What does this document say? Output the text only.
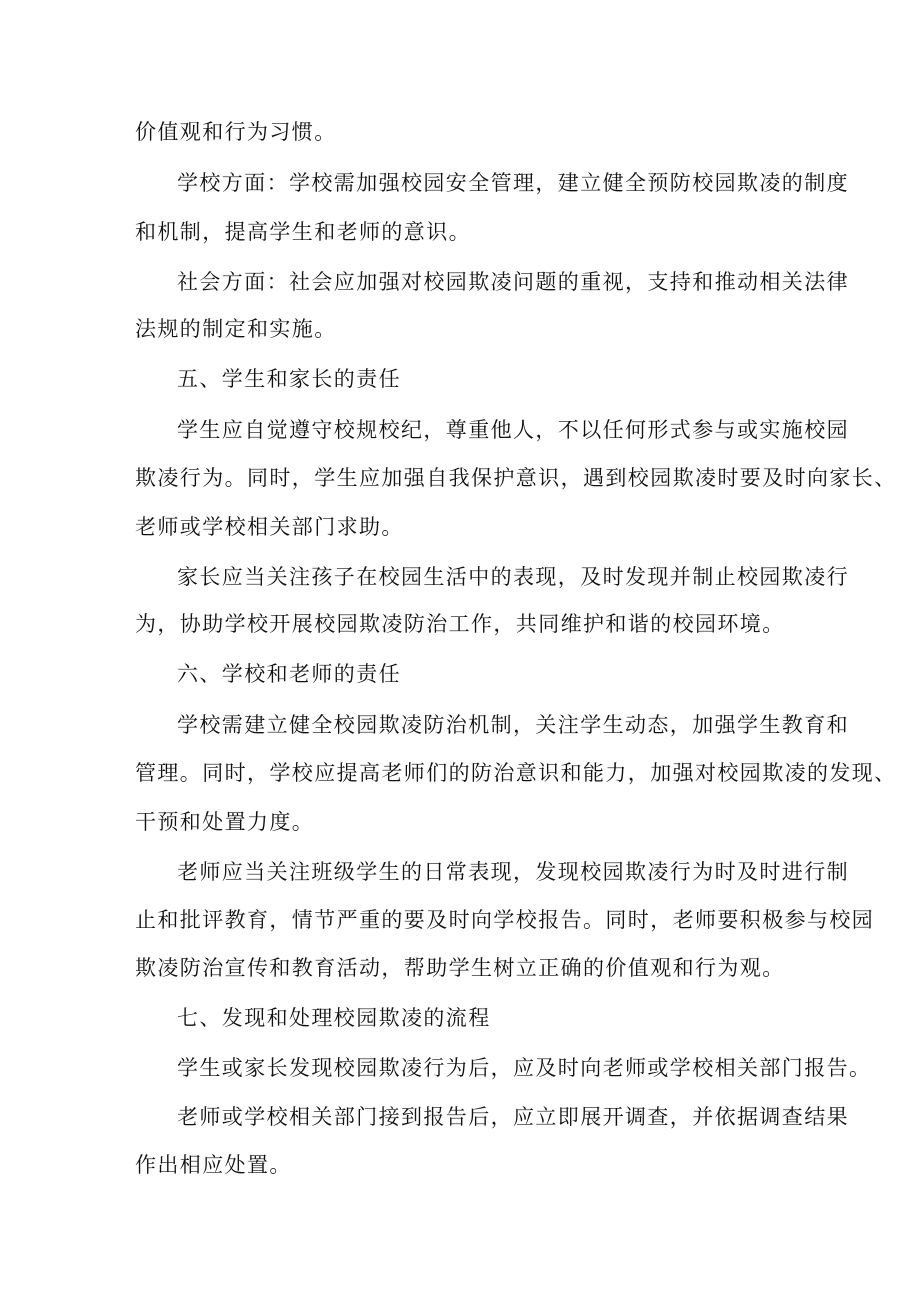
价值观和行为习惯。
学校方面：学校需加强校园安全管理，建立健全预防校园欺凌的制度
和机制，提高学生和老师的意识。
社会方面：社会应加强对校园欺凌问题的重视，支持和推动相关法律
法规的制定和实施。
五、学生和家长的责任
学生应自觉遵守校规校纪，尊重他人，不以任何形式参与或实施校园
欺凌行为。同时，学生应加强自我保护意识，遇到校园欺凌时要及时向家长、
老师或学校相关部门求助。
家长应当关注孩子在校园生活中的表现，及时发现并制止校园欺凌行
为，协助学校开展校园欺凌防治工作，共同维护和谐的校园环境。
六、学校和老师的责任
学校需建立健全校园欺凌防治机制，关注学生动态，加强学生教育和
管理。同时，学校应提高老师们的防治意识和能力，加强对校园欺凌的发现、
干预和处置力度。
老师应当关注班级学生的日常表现，发现校园欺凌行为时及时进行制
止和批评教育，情节严重的要及时向学校报告。同时，老师要积极参与校园
欺凌防治宣传和教育活动，帮助学生树立正确的价值观和行为观。
七、发现和处理校园欺凌的流程
学生或家长发现校园欺凌行为后，应及时向老师或学校相关部门报告。
老师或学校相关部门接到报告后，应立即展开调查，并依据调查结果
作出相应处置。
